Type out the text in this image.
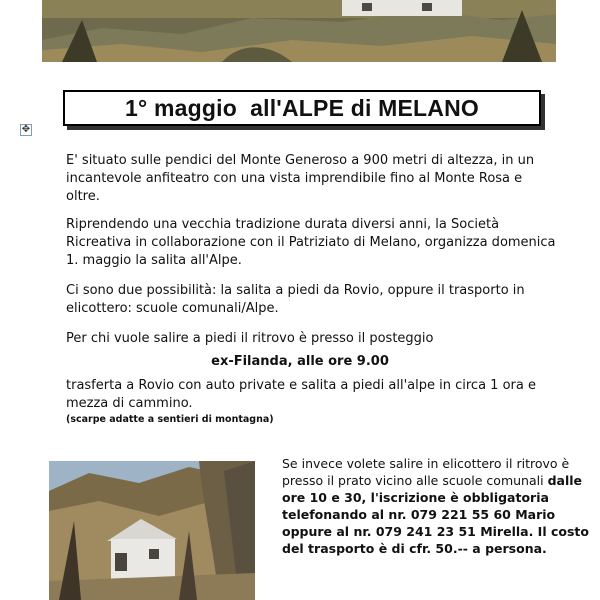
1° maggio  all'ALPE di MELANO
✥

E' situato sulle pendici del Monte Generoso a 900 metri di altezza, in un incantevole anfiteatro con una vista imprendibile fino al Monte Rosa e oltre.

Riprendendo una vecchia tradizione durata diversi anni, la Società Ricreativa in collaborazione con il Patriziato di Melano, organizza domenica 1. maggio la salita all'Alpe.

Ci sono due possibilità: la salita a piedi da Rovio, oppure il trasporto in elicottero: scuole comunali/Alpe.

Per chi vuole salire a piedi il ritrovo è presso il posteggio

ex-Filanda, alle ore 9.00

trasferta a Rovio con auto private e salita a piedi all'alpe in circa 1 ora e mezza di cammino.

(scarpe adatte a sentieri di montagna)

Se invece volete salire in elicottero il ritrovo è presso il prato vicino alle scuole comunali dalle ore 10 e 30, l'iscrizione è obbligatoria telefonando al nr. 079 221 55 60 Mario oppure al nr. 079 241 23 51 Mirella. Il costo del trasporto è di cfr. 50.-- a persona.
